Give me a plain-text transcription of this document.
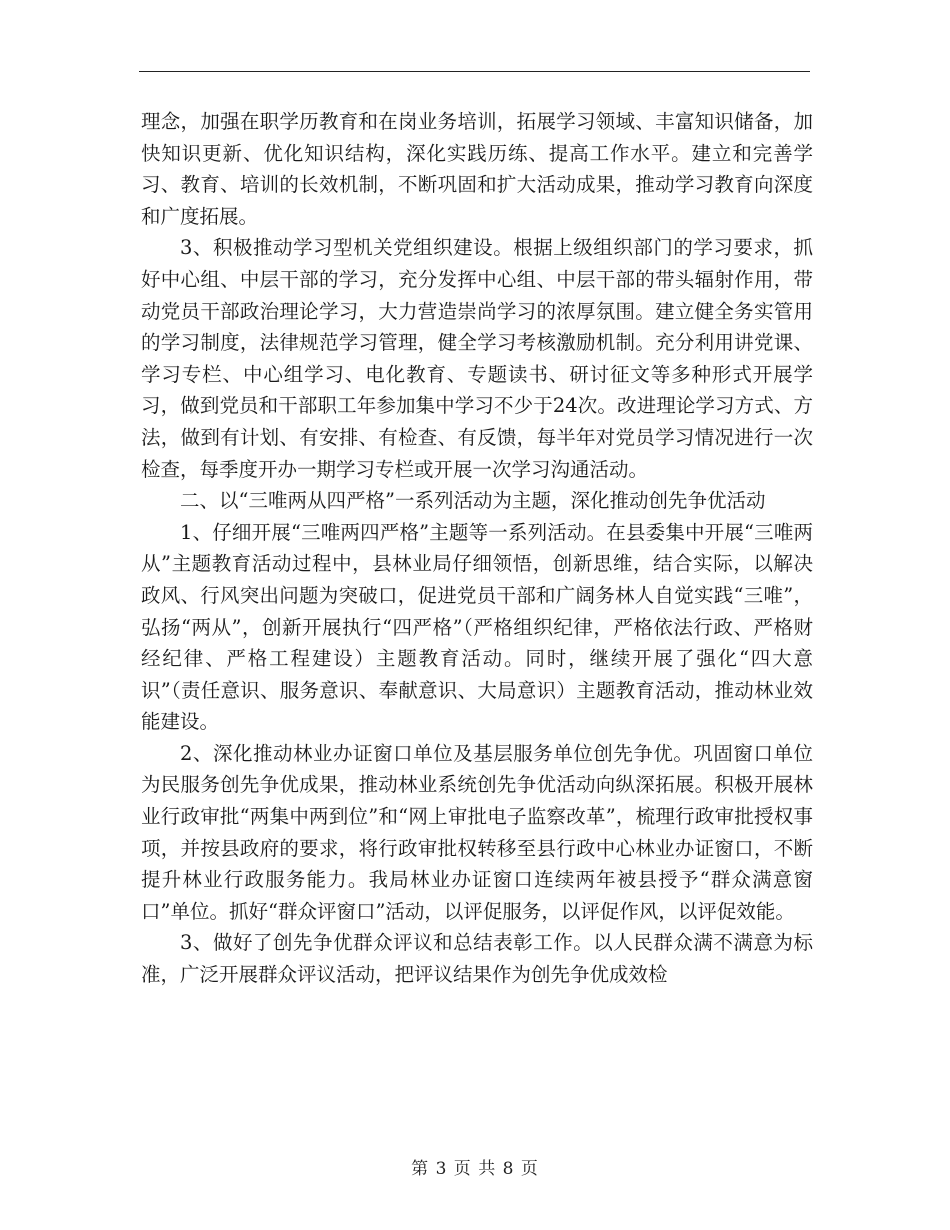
理念，加强在职学历教育和在岗业务培训，拓展学习领域、丰富知识储备，加快知识更新、优化知识结构，深化实践历练、提高工作水平。建立和完善学习、教育、培训的长效机制，不断巩固和扩大活动成果，推动学习教育向深度和广度拓展。

3、积极推动学习型机关党组织建设。根据上级组织部门的学习要求，抓好中心组、中层干部的学习，充分发挥中心组、中层干部的带头辐射作用，带动党员干部政治理论学习，大力营造崇尚学习的浓厚氛围。建立健全务实管用的学习制度，法律规范学习管理，健全学习考核激励机制。充分利用讲党课、学习专栏、中心组学习、电化教育、专题读书、研讨征文等多种形式开展学习，做到党员和干部职工年参加集中学习不少于24次。改进理论学习方式、方法，做到有计划、有安排、有检查、有反馈，每半年对党员学习情况进行一次检查，每季度开办一期学习专栏或开展一次学习沟通活动。

二、以“三唯两从四严格”一系列活动为主题，深化推动创先争优活动

1、仔细开展“三唯两四严格”主题等一系列活动。在县委集中开展“三唯两从”主题教育活动过程中，县林业局仔细领悟，创新思维，结合实际，以解决政风、行风突出问题为突破口，促进党员干部和广阔务林人自觉实践“三唯”，弘扬“两从”，创新开展执行“四严格”（严格组织纪律，严格依法行政、严格财经纪律、严格工程建设）主题教育活动。同时，继续开展了强化“四大意识”（责任意识、服务意识、奉献意识、大局意识）主题教育活动，推动林业效能建设。

2、深化推动林业办证窗口单位及基层服务单位创先争优。巩固窗口单位为民服务创先争优成果，推动林业系统创先争优活动向纵深拓展。积极开展林业行政审批“两集中两到位”和“网上审批电子监察改革”，梳理行政审批授权事项，并按县政府的要求，将行政审批权转移至县行政中心林业办证窗口，不断提升林业行政服务能力。我局林业办证窗口连续两年被县授予“群众满意窗口”单位。抓好“群众评窗口”活动，以评促服务，以评促作风，以评促效能。

3、做好了创先争优群众评议和总结表彰工作。以人民群众满不满意为标准，广泛开展群众评议活动，把评议结果作为创先争优成效检

第 3 页 共 8 页
